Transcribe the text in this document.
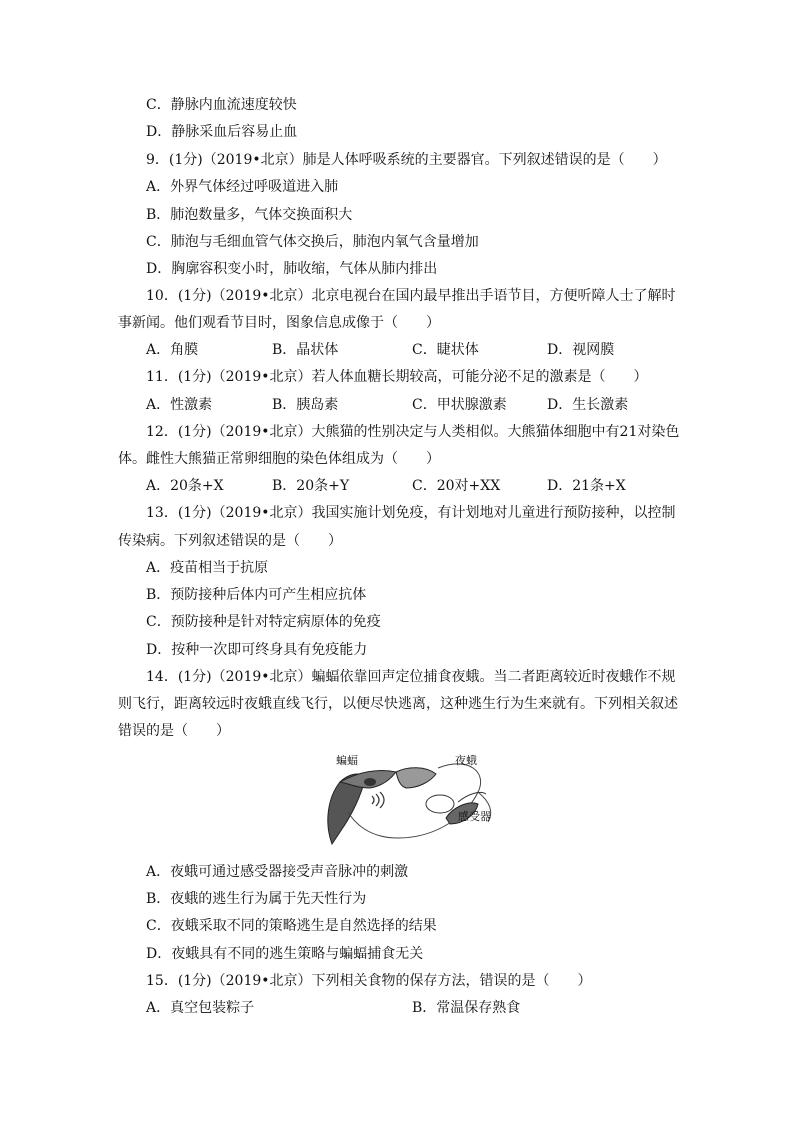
C．静脉内血流速度较快
D．静脉采血后容易止血
9．(1分)（2019•北京）肺是人体呼吸系统的主要器官。下列叙述错误的是（　　）
A．外界气体经过呼吸道进入肺
B．肺泡数量多，气体交换面积大
C．肺泡与毛细血管气体交换后，肺泡内氧气含量增加
D．胸廓容积变小时，肺收缩，气体从肺内排出
10．(1分)（2019•北京）北京电视台在国内最早推出手语节目，方便听障人士了解时
事新闻。他们观看节目时，图象信息成像于（　　）
A．角膜	B．晶状体	C．睫状体	D．视网膜
11．(1分)（2019•北京）若人体血糖长期较高，可能分泌不足的激素是（　　）
A．性激素	B．胰岛素	C．甲状腺激素	D．生长激素
12．(1分)（2019•北京）大熊猫的性别决定与人类相似。大熊猫体细胞中有21对染色
体。雌性大熊猫正常卵细胞的染色体组成为（　　）
A．20条+X	B．20条+Y	C．20对+XX	D．21条+X
13．(1分)（2019•北京）我国实施计划免疫，有计划地对儿童进行预防接种，以控制
传染病。下列叙述错误的是（　　）
A．疫苗相当于抗原
B．预防接种后体内可产生相应抗体
C．预防接种是针对特定病原体的免疫
D．按种一次即可终身具有免疫能力
14．(1分)（2019•北京）蝙蝠依靠回声定位捕食夜蛾。当二者距离较近时夜蛾作不规
则飞行，距离较远时夜蛾直线飞行，以便尽快逃离，这种逃生行为生来就有。下列相关叙述
错误的是（　　）
蝙蝠	夜蛾
感受器
A．夜蛾可通过感受器接受声音脉冲的刺激
B．夜蛾的逃生行为属于先天性行为
C．夜蛾采取不同的策略逃生是自然选择的结果
D．夜蛾具有不同的逃生策略与蝙蝠捕食无关
15．(1分)（2019•北京）下列相关食物的保存方法，错误的是（　　）
A．真空包装粽子	B．常温保存熟食
